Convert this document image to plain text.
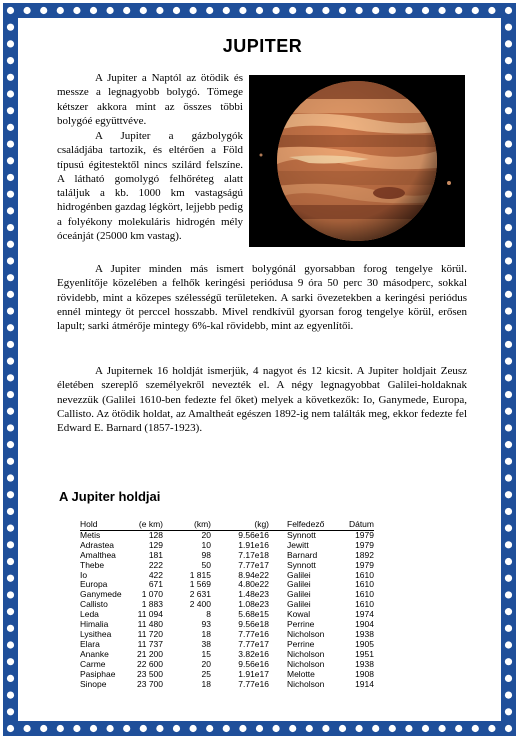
JUPITER

A Jupiter a Naptól az ötödik és messze a legnagyobb bolygó. Tömege kétszer akkora mint az összes többi bolygóé együttvéve.

A Jupiter a gázbolygók családjába tartozik, és eltérően a Föld típusú égitestektől nincs szilárd felszíne. A látható gomolygó felhőréteg alatt találjuk a kb. 1000 km vastagságú hidrogénben gazdag légkört, lejjebb pedig a folyékony molekuláris hidrogén mély óceánját (25000 km vastag).

A Jupiter minden más ismert bolygónál gyorsabban forog tengelye körül. Egyenlítője közelében a felhők keringési periódusa 9 óra 50 perc 30 másodperc, sokkal rövidebb, mint a közepes szélességű területeken. A sarki övezetekben a keringési periódus ennél mintegy öt perccel hosszabb. Mivel rendkívül gyorsan forog tengelye körül, erősen lapult; sarki átmérője mintegy 6%-kal rövidebb, mint az egyenlítői.

A Jupiternek 16 holdját ismerjük, 4 nagyot és 12 kicsit. A Jupiter holdjait Zeusz életében szereplő személyekről nevezték el. A négy legnagyobbat Galilei-holdaknak nevezzük (Galilei 1610-ben fedezte fel őket) melyek a következők: Io, Ganymede, Europa, Callisto. Az ötödik holdat, az Amaltheát egészen 1892-ig nem találták meg, ekkor fedezte fel Edward E. Barnard (1857-1923).

A Jupiter holdjai
Hold	(e km)	(km)	(kg)		Felfedező	Dátum
Metis	128	20	9.56e16		Synnott	1979
Adrastea	129	10	1.91e16		Jewitt	1979
Amalthea	181	98	7.17e18		Barnard	1892
Thebe	222	50	7.77e17		Synnott	1979
Io	422	1 815	8.94e22		Galilei	1610
Europa	671	1 569	4.80e22		Galilei	1610
Ganymede	1 070	2 631	1.48e23		Galilei	1610
Callisto	1 883	2 400	1.08e23		Galilei	1610
Leda	11 094	8	5.68e15		Kowal	1974
Himalia	11 480	93	9.56e18		Perrine	1904
Lysithea	11 720	18	7.77e16		Nicholson	1938
Elara	11 737	38	7.77e17		Perrine	1905
Ananke	21 200	15	3.82e16		Nicholson	1951
Carme	22 600	20	9.56e16		Nicholson	1938
Pasiphae	23 500	25	1.91e17		Melotte	1908
Sinope	23 700	18	7.77e16		Nicholson	1914
